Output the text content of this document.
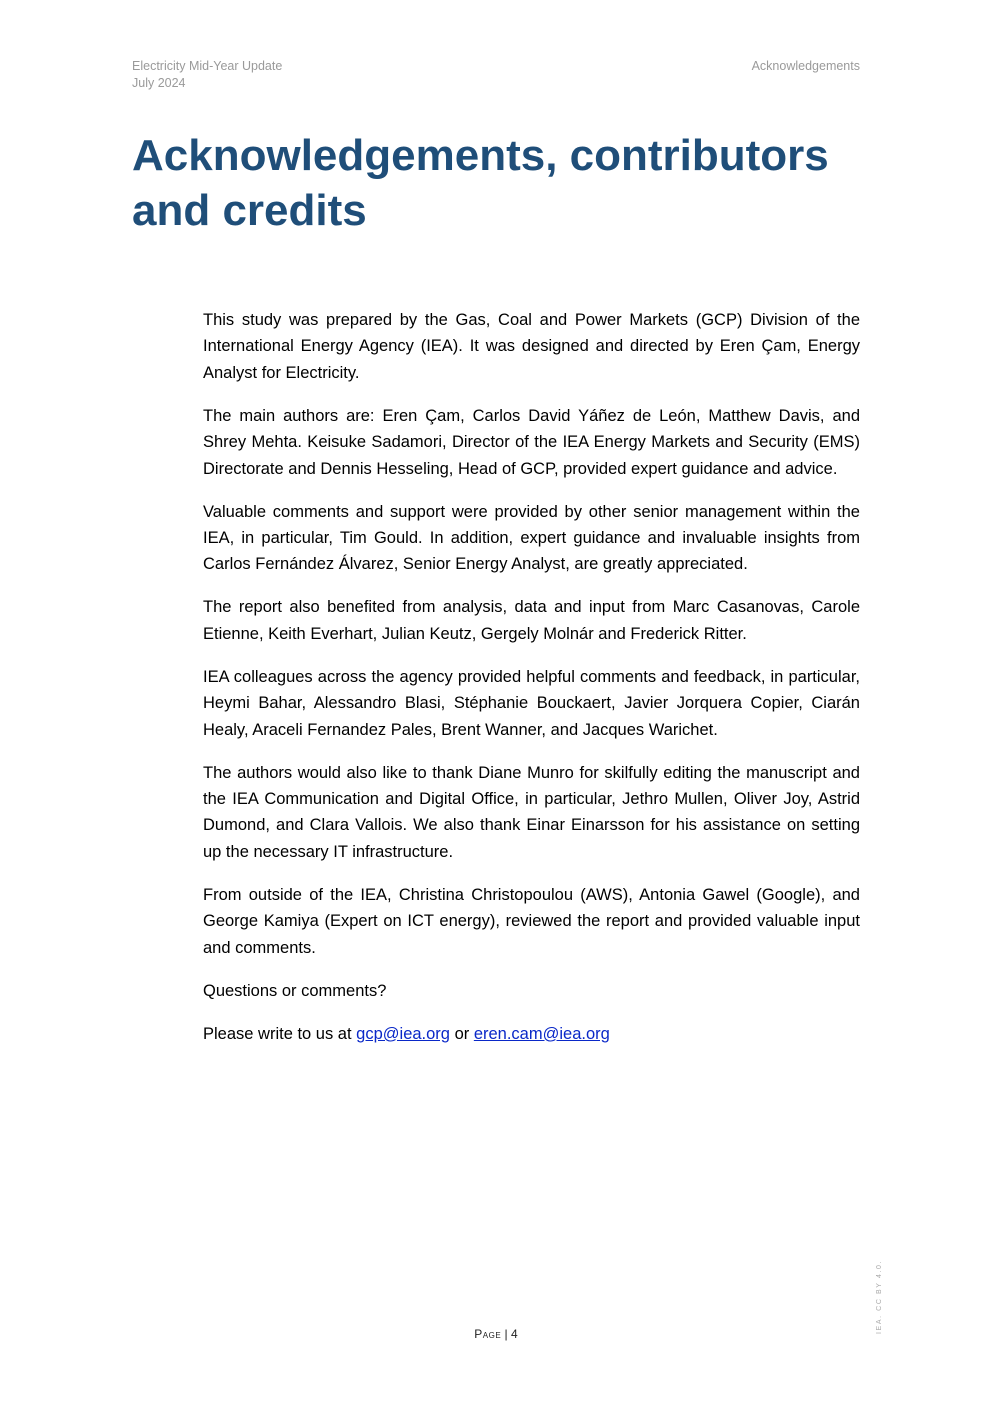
Electricity Mid-Year Update
July 2024
Acknowledgements
Acknowledgements, contributors and credits

This study was prepared by the Gas, Coal and Power Markets (GCP) Division of the International Energy Agency (IEA). It was designed and directed by Eren Çam, Energy Analyst for Electricity.

The main authors are: Eren Çam, Carlos David Yáñez de León, Matthew Davis, and Shrey Mehta. Keisuke Sadamori, Director of the IEA Energy Markets and Security (EMS) Directorate and Dennis Hesseling, Head of GCP, provided expert guidance and advice.

Valuable comments and support were provided by other senior management within the IEA, in particular, Tim Gould. In addition, expert guidance and invaluable insights from Carlos Fernández Álvarez, Senior Energy Analyst, are greatly appreciated.

The report also benefited from analysis, data and input from Marc Casanovas, Carole Etienne, Keith Everhart, Julian Keutz, Gergely Molnár and Frederick Ritter.

IEA colleagues across the agency provided helpful comments and feedback, in particular, Heymi Bahar, Alessandro Blasi, Stéphanie Bouckaert, Javier Jorquera Copier, Ciarán Healy, Araceli Fernandez Pales, Brent Wanner, and Jacques Warichet.

The authors would also like to thank Diane Munro for skilfully editing the manuscript and the IEA Communication and Digital Office, in particular, Jethro Mullen, Oliver Joy, Astrid Dumond, and Clara Vallois. We also thank Einar Einarsson for his assistance on setting up the necessary IT infrastructure.

From outside of the IEA, Christina Christopoulou (AWS), Antonia Gawel (Google), and George Kamiya (Expert on ICT energy), reviewed the report and provided valuable input and comments.

Questions or comments?

Please write to us at gcp@iea.org or eren.cam@iea.org

Page | 4	IEA. CC BY 4.0.
